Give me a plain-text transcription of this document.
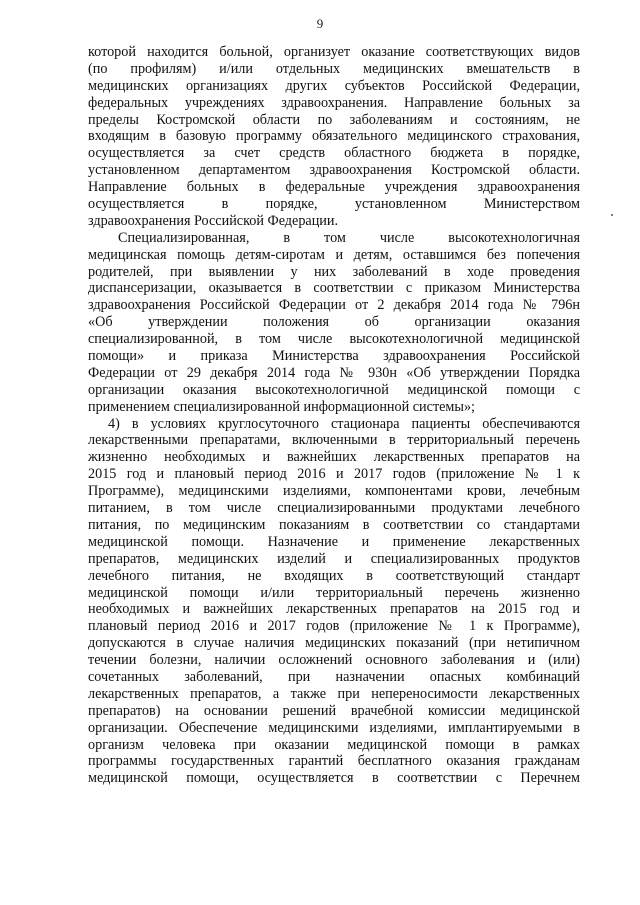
9
которой находится больной, организует оказание соответствующих видов
(по профилям) и/или отдельных медицинских вмешательств в
медицинских организациях других субъектов Российской Федерации,
федеральных учреждениях здравоохранения. Направление больных за
пределы Костромской области по заболеваниям и состояниям, не
входящим в базовую программу обязательного медицинского страхования,
осуществляется за счет средств областного бюджета в порядке,
установленном департаментом здравоохранения Костромской области.
Направление больных в федеральные учреждения здравоохранения
осуществляется в порядке, установленном Министерством
здравоохранения Российской Федерации.
Специализированная, в том числе высокотехнологичная
медицинская помощь детям-сиротам и детям, оставшимся без попечения
родителей, при выявлении у них заболеваний в ходе проведения
диспансеризации, оказывается в соответствии с приказом Министерства
здравоохранения Российской Федерации от 2 декабря 2014 года № 796н
«Об утверждении положения об организации оказания
специализированной, в том числе высокотехнологичной медицинской
помощи» и приказа Министерства здравоохранения Российской
Федерации от 29 декабря 2014 года № 930н «Об утверждении Порядка
организации оказания высокотехнологичной медицинской помощи с
применением специализированной информационной системы»;
4) в условиях круглосуточного стационара пациенты обеспечиваются
лекарственными препаратами, включенными в территориальный перечень
жизненно необходимых и важнейших лекарственных препаратов на
2015 год и плановый период 2016 и 2017 годов (приложение № 1 к
Программе), медицинскими изделиями, компонентами крови, лечебным
питанием, в том числе специализированными продуктами лечебного
питания, по медицинским показаниям в соответствии со стандартами
медицинской помощи. Назначение и применение лекарственных
препаратов, медицинских изделий и специализированных продуктов
лечебного питания, не входящих в соответствующий стандарт
медицинской помощи и/или территориальный перечень жизненно
необходимых и важнейших лекарственных препаратов на 2015 год и
плановый период 2016 и 2017 годов (приложение № 1 к Программе),
допускаются в случае наличия медицинских показаний (при нетипичном
течении болезни, наличии осложнений основного заболевания и (или)
сочетанных заболеваний, при назначении опасных комбинаций
лекарственных препаратов, а также при непереносимости лекарственных
препаратов) на основании решений врачебной комиссии медицинской
организации. Обеспечение медицинскими изделиями, имплантируемыми в
организм человека при оказании медицинской помощи в рамках
программы государственных гарантий бесплатного оказания гражданам
медицинской помощи, осуществляется в соответствии с Перечнем
